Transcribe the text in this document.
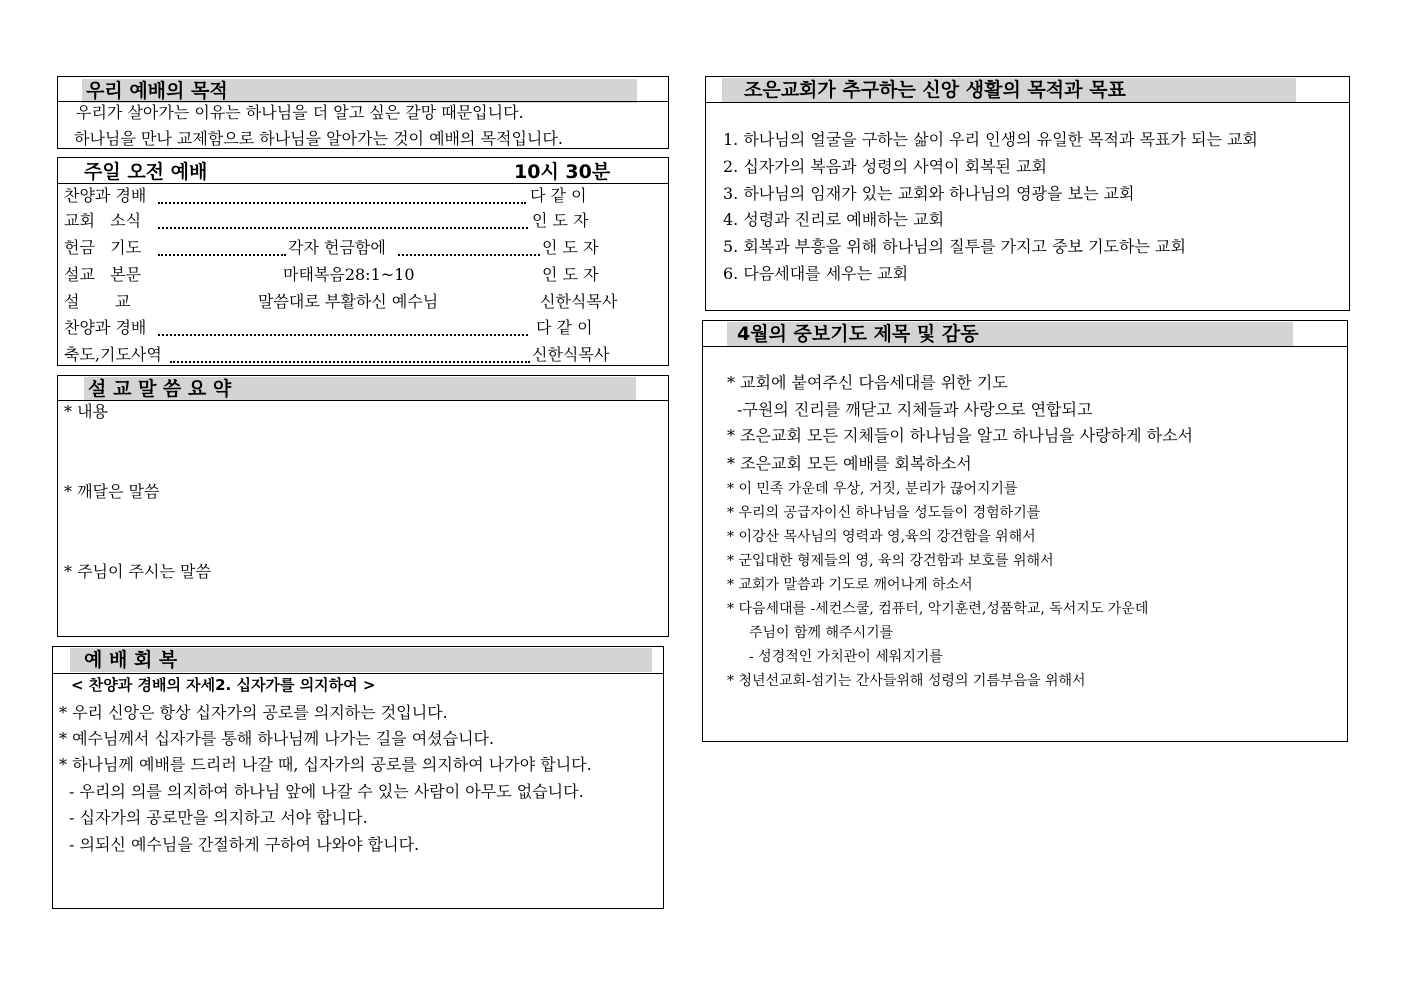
우리 예배의 목적
우리가 살아가는 이유는 하나님을 더 알고 싶은 갈망 때문입니다.
하나님을 만나 교제함으로 하나님을 알아가는 것이 예배의 목적입니다.
주일 오전 예배	10시 30분
찬양과 경배	다 같 이
교회   소식	인 도 자
헌금   기도	각자 헌금함에	인 도 자
설교   본문	마태복음28:1~10	인 도 자
설       교	말씀대로 부활하신 예수님	신한식목사
찬양과 경배	다 같 이
축도,기도사역	신한식목사
설 교 말 씀 요 약
* 내용
* 깨달은 말씀
* 주님이 주시는 말씀
예 배 회 복
< 찬양과 경배의 자세2. 십자가를 의지하여 >
* 우리 신앙은 항상 십자가의 공로를 의지하는 것입니다.
* 예수님께서 십자가를 통해 하나님께 나가는 길을 여셨습니다.
* 하나님께 예배를 드리러 나갈 때, 십자가의 공로를 의지하여 나가야 합니다.
- 우리의 의를 의지하여 하나님 앞에 나갈 수 있는 사람이 아무도 없습니다.
- 십자가의 공로만을 의지하고 서야 합니다.
- 의되신 예수님을 간절하게 구하여 나와야 합니다.
조은교회가 추구하는 신앙 생활의 목적과 목표
1. 하나님의 얼굴을 구하는 삶이 우리 인생의 유일한 목적과 목표가 되는 교회
2. 십자가의 복음과 성령의 사역이 회복된 교회
3. 하나님의 임재가 있는 교회와 하나님의 영광을 보는 교회
4. 성령과 진리로 예배하는 교회
5. 회복과 부흥을 위해 하나님의 질투를 가지고 중보 기도하는 교회
6. 다음세대를 세우는 교회
4월의 중보기도 제목 및 감동
* 교회에 붙여주신 다음세대를 위한 기도
-구원의 진리를 깨닫고 지체들과 사랑으로 연합되고
* 조은교회 모든 지체들이 하나님을 알고 하나님을 사랑하게 하소서
* 조은교회 모든 예배를 회복하소서
* 이 민족 가운데 우상, 거짓, 분리가 끊어지기를
* 우리의 공급자이신 하나님을 성도들이 경험하기를
* 이강산 목사님의 영력과 영,육의 강건함을 위해서
* 군입대한 형제들의 영, 육의 강건함과 보호를 위해서
* 교회가 말씀과 기도로 깨어나게 하소서
* 다음세대를 -세컨스쿨, 컴퓨터, 악기훈련,성품학교, 독서지도 가운데
주님이 함께 해주시기를
- 성경적인 가치관이 세워지기를
* 청년선교회-섬기는 간사들위해 성령의 기름부음을 위해서
